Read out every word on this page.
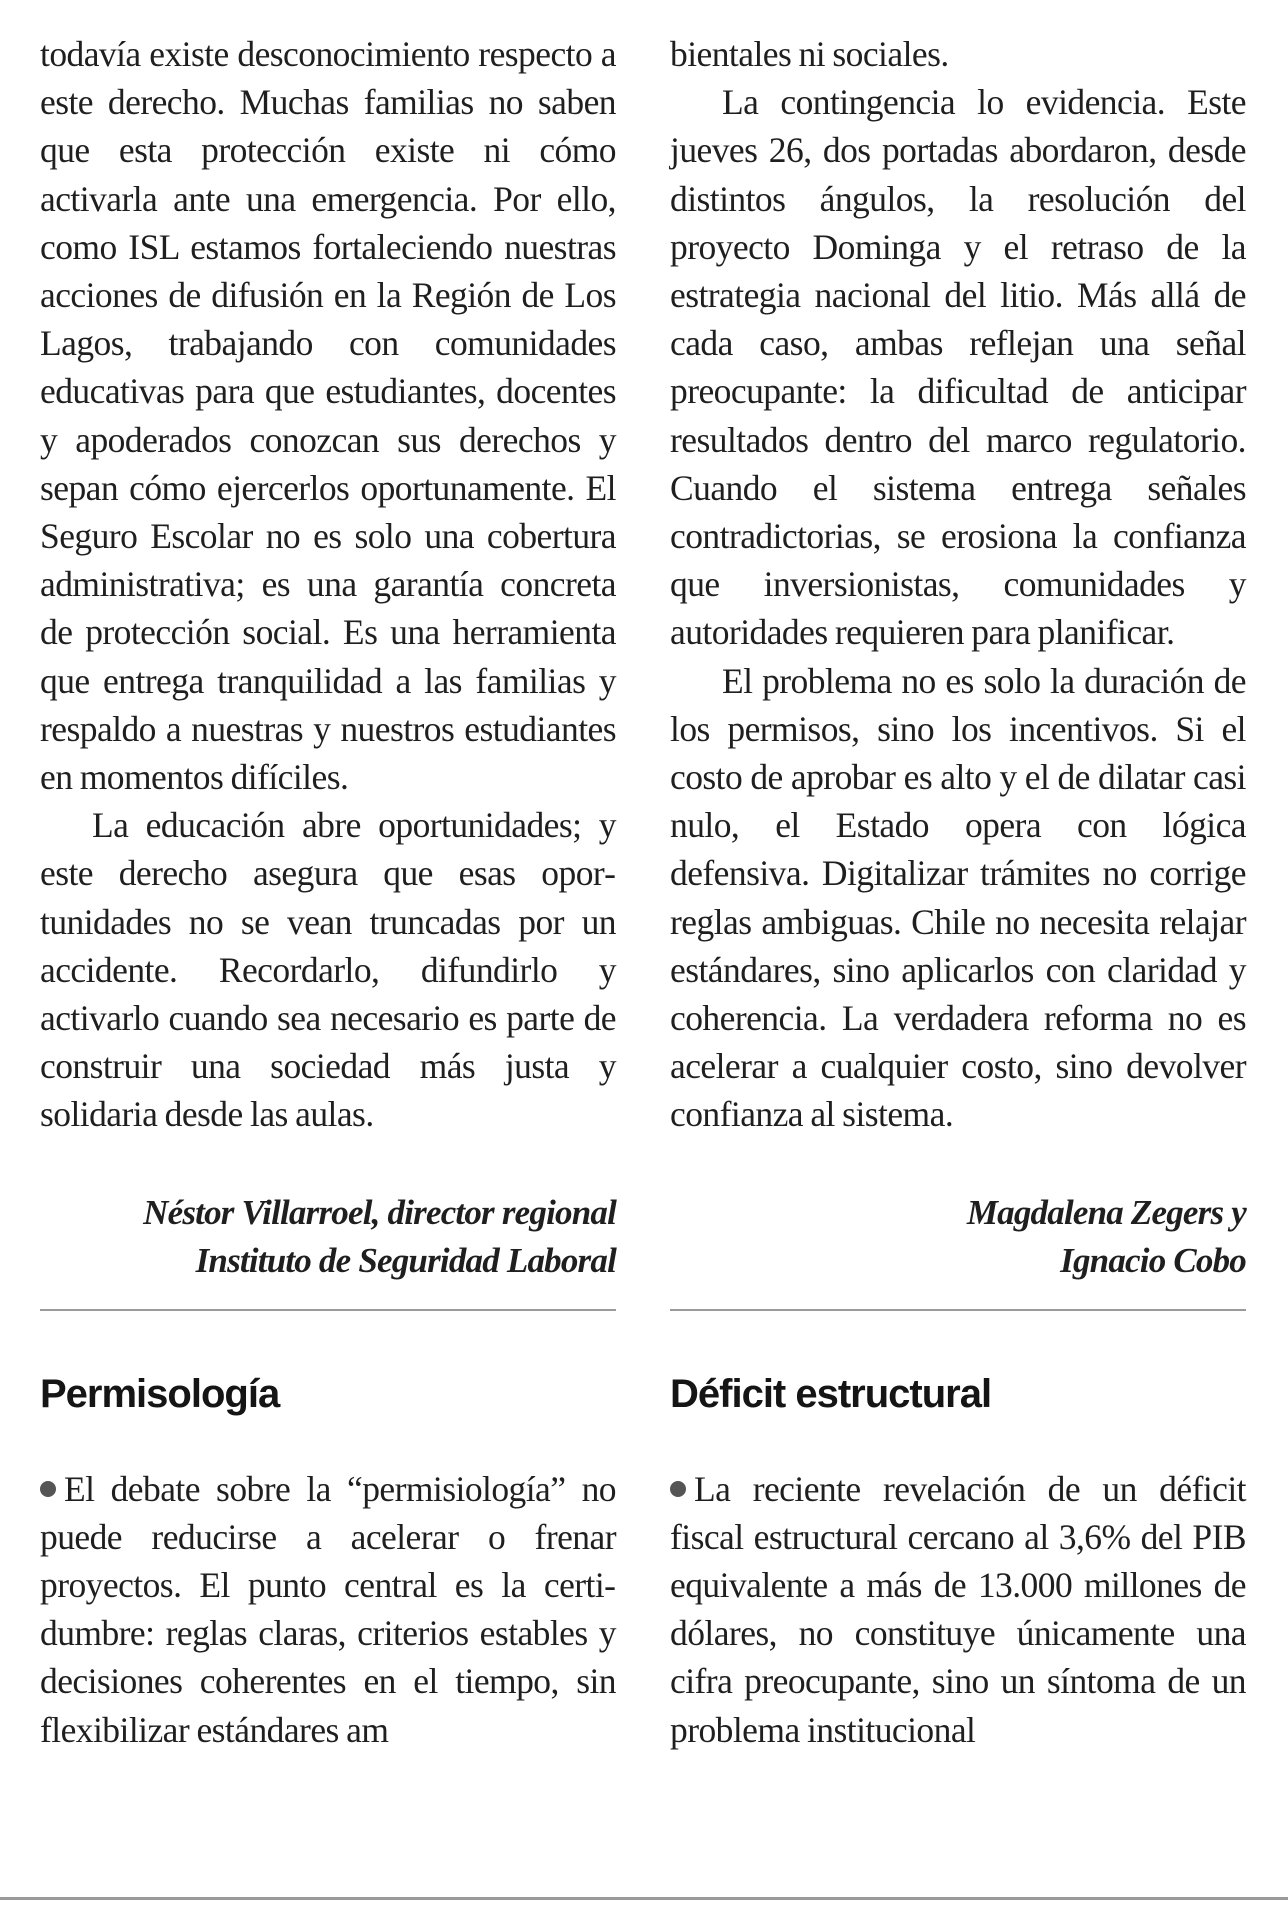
todavía existe desconocimiento respecto a este derecho. Muchas familias no saben que esta protección existe ni cómo activarla ante una emergencia. Por ello, como ISL estamos fortaleciendo nuestras acciones de difusión en la Región de Los Lagos, trabajando con comunidades educativas para que estudiantes, docentes y apoderados conozcan sus derechos y sepan cómo ejercerlos oportunamente. El Seguro Escolar no es solo una cobertura administrativa; es una garantía concreta de protección social. Es una herramienta que entrega tranquilidad a las familias y respaldo a nuestras y nuestros estudiantes en momentos difíciles.

La educación abre oportunidades; y este derecho asegura que esas oportunidades no se vean truncadas por un accidente. Recordarlo, difundirlo y activarlo cuando sea necesario es parte de construir una sociedad más justa y solidaria desde las aulas.

Néstor Villarroel, director regional
Instituto de Seguridad Laboral
Permisología

El debate sobre la “permisiología” no puede reducirse a acelerar o frenar proyectos. El punto central es la certidumbre: reglas claras, criterios estables y decisiones coherentes en el tiempo, sin flexibilizar estándares am

bientales ni sociales.

La contingencia lo evidencia. Este jueves 26, dos portadas abordaron, desde distintos ángulos, la resolución del proyecto Dominga y el retraso de la estrategia nacional del litio. Más allá de cada caso, ambas reflejan una señal preocupante: la dificultad de anticipar resultados dentro del marco regulatorio. Cuando el sistema entrega señales contradictorias, se erosiona la confianza que inversionistas, comunidades y autoridades requieren para planificar.

El problema no es solo la duración de los permisos, sino los incentivos. Si el costo de aprobar es alto y el de dilatar casi nulo, el Estado opera con lógica defensiva. Digitalizar trámites no corrige reglas ambiguas. Chile no necesita relajar estándares, sino aplicarlos con claridad y coherencia. La verdadera reforma no es acelerar a cualquier costo, sino devolver confianza al sistema.

Magdalena Zegers y
Ignacio Cobo
Déficit estructural

La reciente revelación de un déficit fiscal estructural cercano al 3,6% del PIB equivalente a más de 13.000 millones de dólares, no constituye únicamente una cifra preocupante, sino un síntoma de un problema institucional
